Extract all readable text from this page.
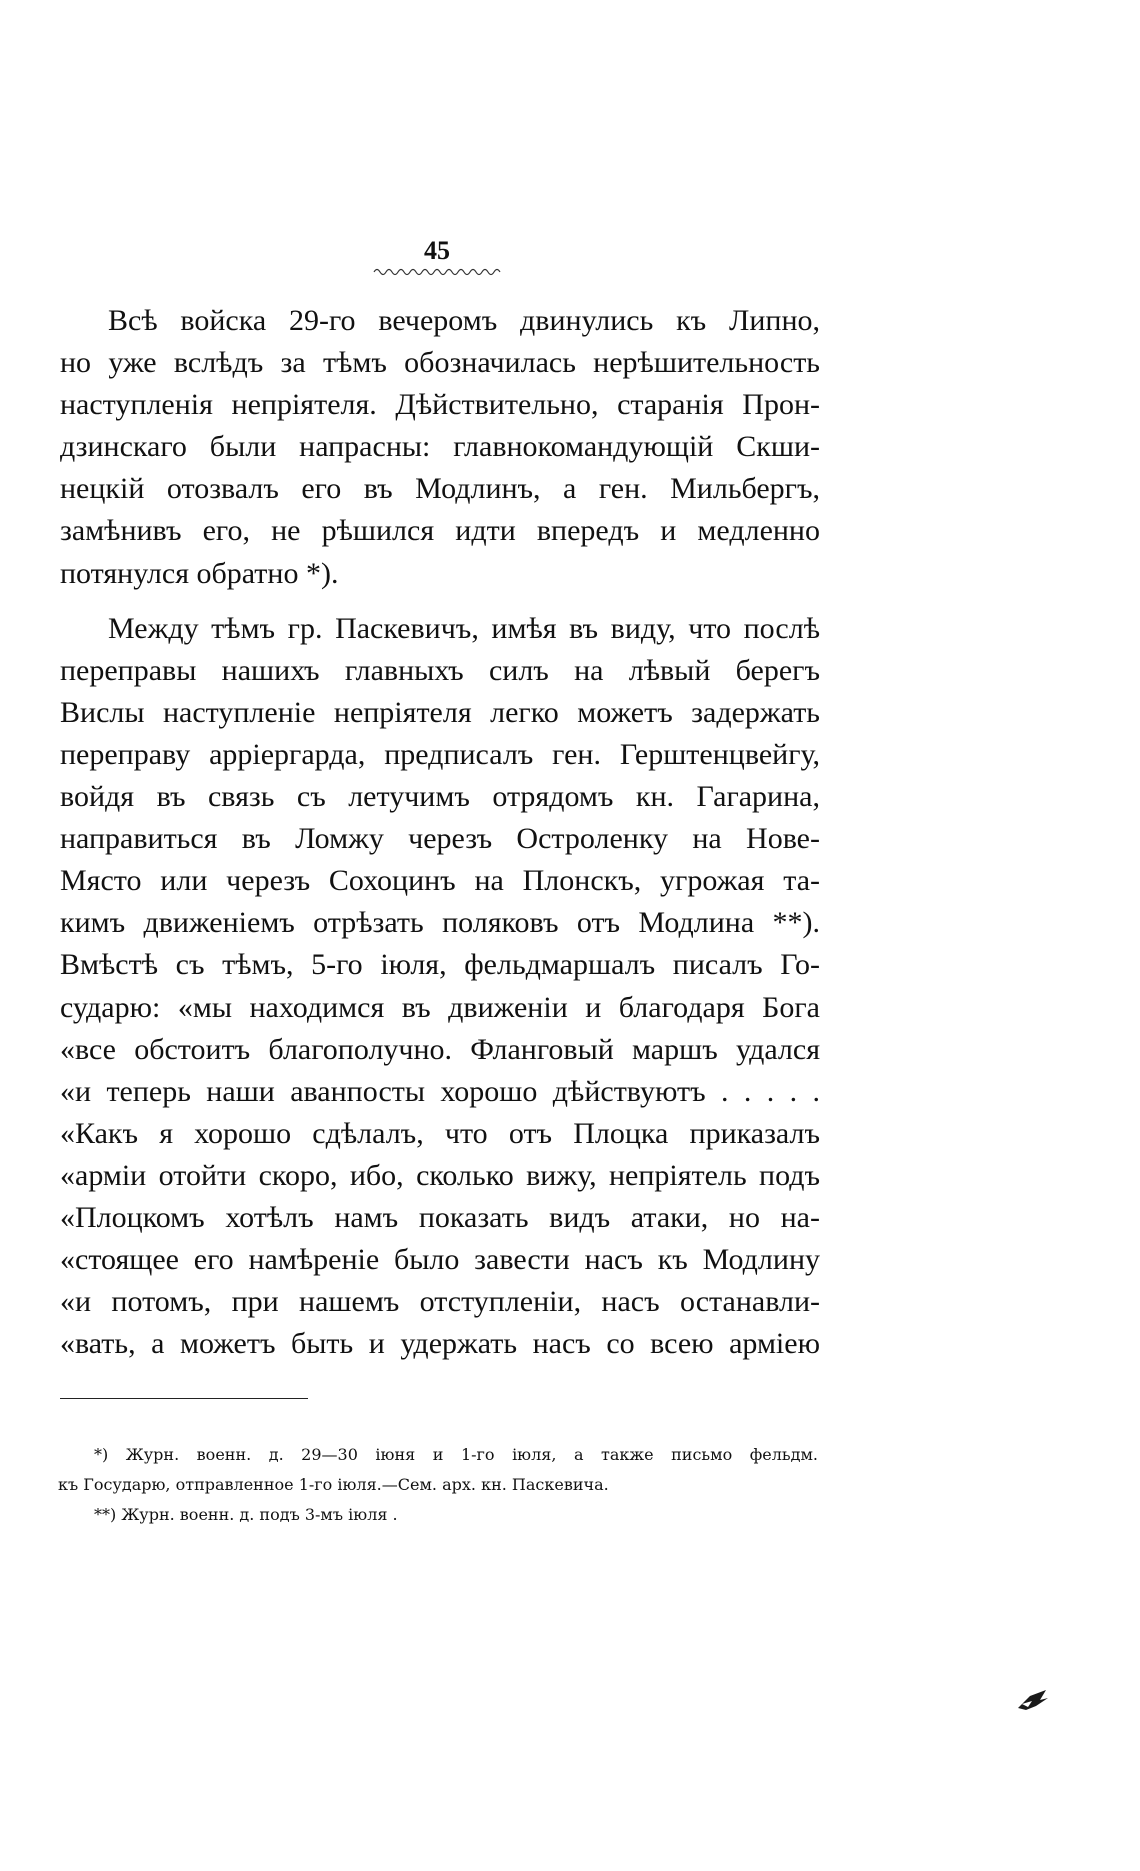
45
Всѣ войска 29-го вечеромъ двинулись къ Липно,
но уже вслѣдъ за тѣмъ обозначилась нерѣшительность
наступленія непріятеля. Дѣйствительно, старанія Прон-
дзинскаго были напрасны: главнокомандующій Скши-
нецкій отозвалъ его въ Модлинъ, а ген. Мильбергъ,
замѣнивъ его, не рѣшился идти впередъ и медленно
потянулся обратно *).
Между тѣмъ гр. Паскевичъ, имѣя въ виду, что послѣ
переправы нашихъ главныхъ силъ на лѣвый берегъ
Вислы наступленіе непріятеля легко можетъ задержать
переправу арріергарда, предписалъ ген. Герштенцвейгу,
войдя въ связь съ летучимъ отрядомъ кн. Гагарина,
направиться въ Ломжу черезъ Остроленку на Нове-
Място или черезъ Сохоцинъ на Плонскъ, угрожая та-
кимъ движеніемъ отрѣзать поляковъ отъ Модлина **).
Вмѣстѣ съ тѣмъ, 5-го іюля, фельдмаршалъ писалъ Го-
сударю: «мы находимся въ движеніи и благодаря Бога
«все обстоитъ благополучно. Фланговый маршъ удался
«и теперь наши аванпосты хорошо дѣйствуютъ . . . . .
«Какъ я хорошо сдѣлалъ, что отъ Плоцка приказалъ
«арміи отойти скоро, ибо, сколько вижу, непріятель подъ
«Плоцкомъ хотѣлъ намъ показать видъ атаки, но на-
«стоящее его намѣреніе было завести насъ къ Модлину
«и потомъ, при нашемъ отступленіи, насъ останавли-
«вать, а можетъ быть и удержать насъ со всею арміею
*) Журн. военн. д. 29—30 іюня и 1-го іюля, а также письмо фельдм.
къ Государю, отправленное 1-го іюля.—Сем. арх. кн. Паскевича.
**) Журн. военн. д. подъ 3-мъ іюля .
